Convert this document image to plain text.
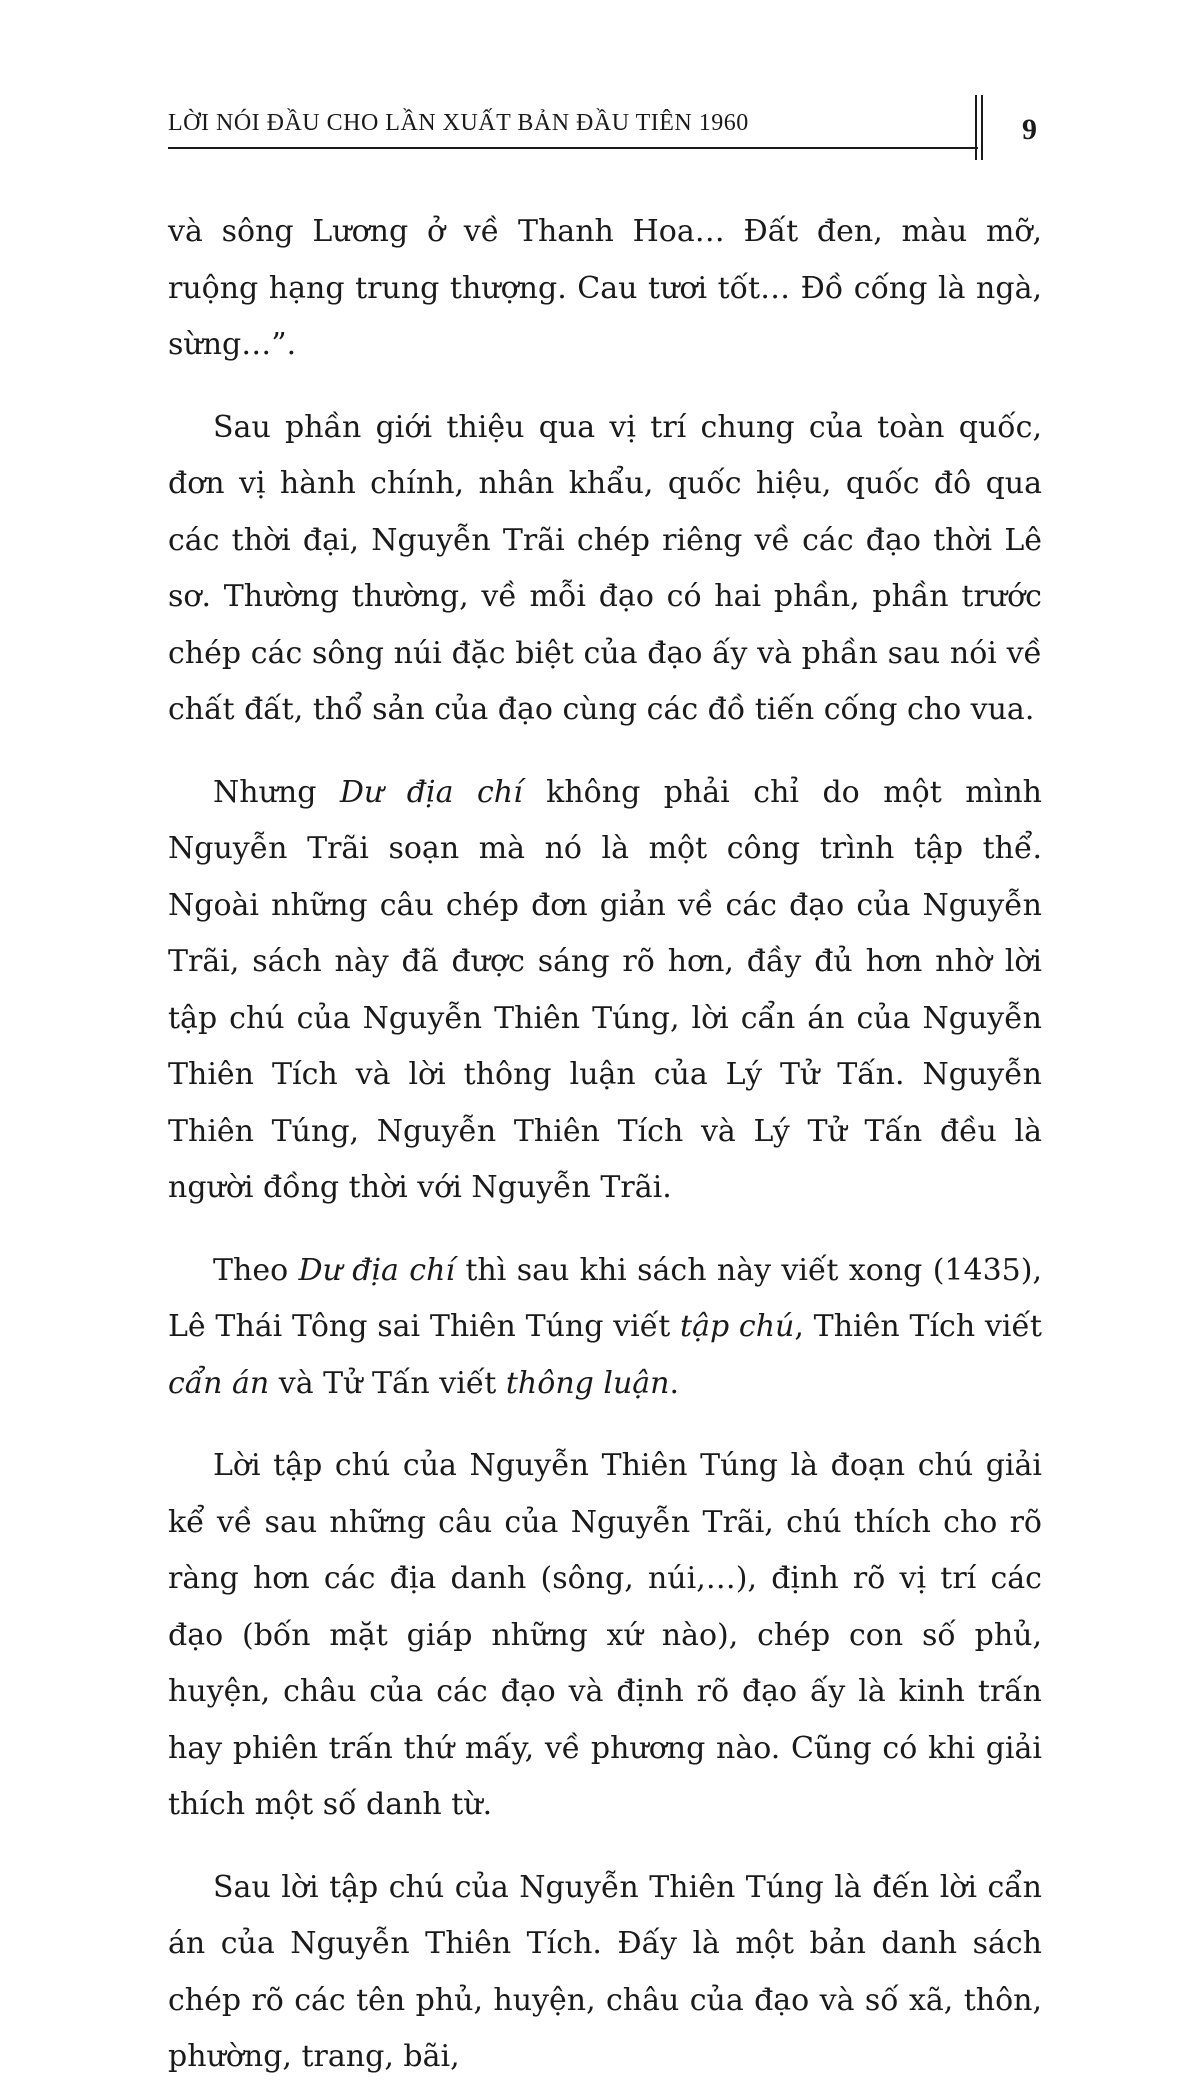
LỜI NÓI ĐẦU CHO LẦN XUẤT BẢN ĐẦU TIÊN 1960	9

và sông Lương ở về Thanh Hoa… Đất đen, màu mỡ, ruộng hạng trung thượng. Cau tươi tốt… Đồ cống là ngà, sừng…”.

Sau phần giới thiệu qua vị trí chung của toàn quốc, đơn vị hành chính, nhân khẩu, quốc hiệu, quốc đô qua các thời đại, Nguyễn Trãi chép riêng về các đạo thời Lê sơ. Thường thường, về mỗi đạo có hai phần, phần trước chép các sông núi đặc biệt của đạo ấy và phần sau nói về chất đất, thổ sản của đạo cùng các đồ tiến cống cho vua.

Nhưng Dư địa chí không phải chỉ do một mình Nguyễn Trãi soạn mà nó là một công trình tập thể. Ngoài những câu chép đơn giản về các đạo của Nguyễn Trãi, sách này đã được sáng rõ hơn, đầy đủ hơn nhờ lời tập chú của Nguyễn Thiên Túng, lời cẩn án của Nguyễn Thiên Tích và lời thông luận của Lý Tử Tấn. Nguyễn Thiên Túng, Nguyễn Thiên Tích và Lý Tử Tấn đều là người đồng thời với Nguyễn Trãi.

Theo Dư địa chí thì sau khi sách này viết xong (1435), Lê Thái Tông sai Thiên Túng viết tập chú, Thiên Tích viết cẩn án và Tử Tấn viết thông luận.

Lời tập chú của Nguyễn Thiên Túng là đoạn chú giải kể về sau những câu của Nguyễn Trãi, chú thích cho rõ ràng hơn các địa danh (sông, núi,…), định rõ vị trí các đạo (bốn mặt giáp những xứ nào), chép con số phủ, huyện, châu của các đạo và định rõ đạo ấy là kinh trấn hay phiên trấn thứ mấy, về phương nào. Cũng có khi giải thích một số danh từ.

Sau lời tập chú của Nguyễn Thiên Túng là đến lời cẩn án của Nguyễn Thiên Tích. Đấy là một bản danh sách chép rõ các tên phủ, huyện, châu của đạo và số xã, thôn, phường, trang, bãi,
